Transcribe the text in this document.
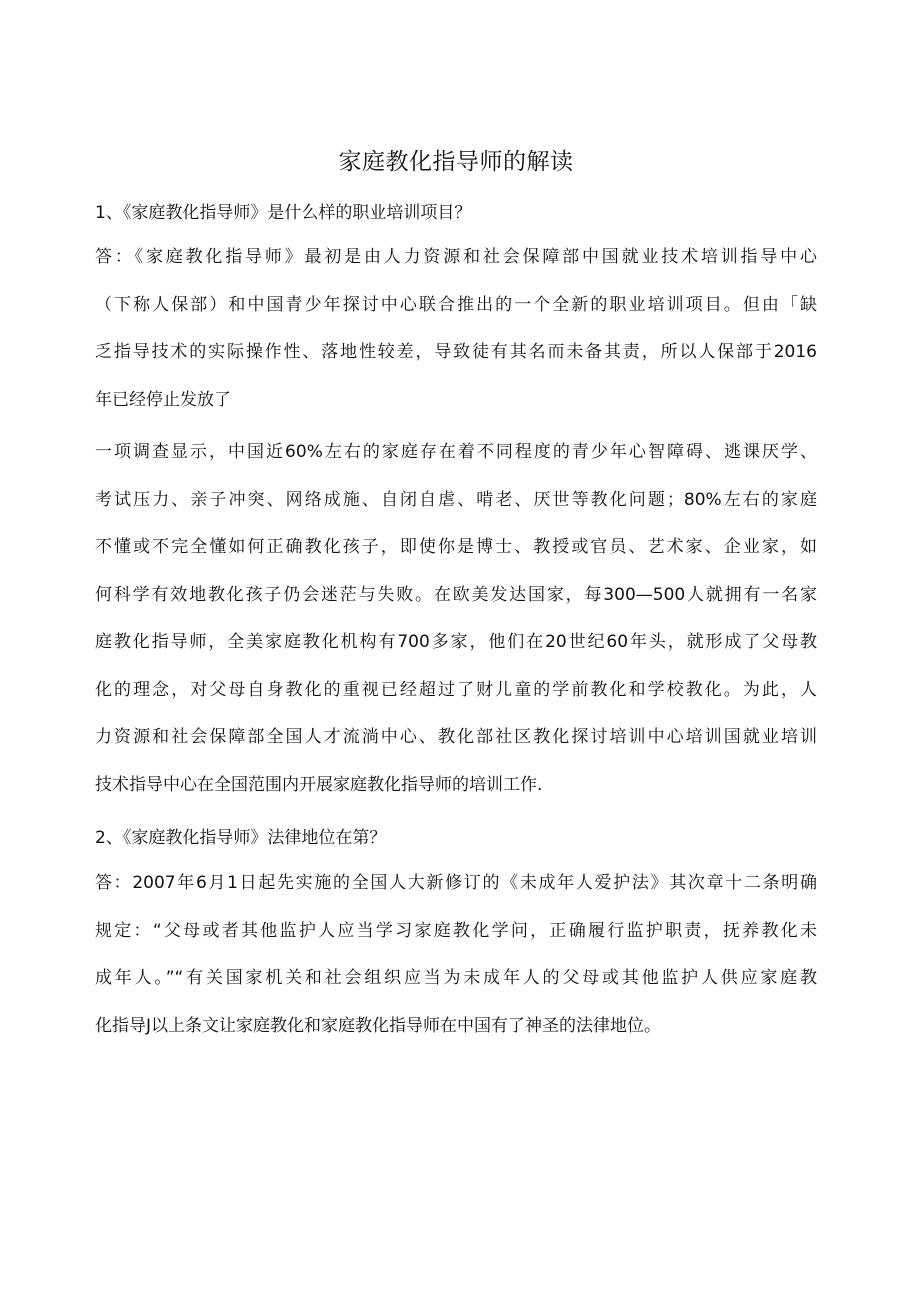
家庭教化指导师的解读

1、《家庭教化指导师》是什么样的职业培训项目？

答：《家庭教化指导师》最初是由人力资源和社会保障部中国就业技术培训指导中心
（下称人保部）和中国青少年探讨中心联合推出的一个全新的职业培训项目。但由「缺
乏指导技术的实际操作性、落地性较差，导致徒有其名而未备其责，所以人保部于2016
年已经停止发放了

一项调查显示，中国近60%左右的家庭存在着不同程度的青少年心智障碍、逃课厌学、
考试压力、亲子冲突、网络成施、自闭自虐、啃老、厌世等教化问题；80%左右的家庭
不懂或不完全懂如何正确教化孩子，即使你是博士、教授或官员、艺术家、企业家，如
何科学有效地教化孩子仍会迷茫与失败。在欧美发达国家，每300—500人就拥有一名家
庭教化指导师，全美家庭教化机构有700多家，他们在20世纪60年头，就形成了父母教
化的理念，对父母自身教化的重视已经超过了财儿童的学前教化和学校教化。为此，人
力资源和社会保障部全国人才流淌中心、教化部社区教化探讨培训中心培训国就业培训
技术指导中心在全国范围内开展家庭教化指导师的培训工作.

2、《家庭教化指导师》法律地位在第？

答：2007年6月1日起先实施的全国人大新修订的《未成年人爱护法》其次章十二条明确
规定：“父母或者其他监护人应当学习家庭教化学问，正确履行监护职责，抚养教化未
成年人。”“有关国家机关和社会组织应当为未成年人的父母或其他监护人供应家庭教
化指导J以上条文让家庭教化和家庭教化指导师在中国有了神圣的法律地位。
